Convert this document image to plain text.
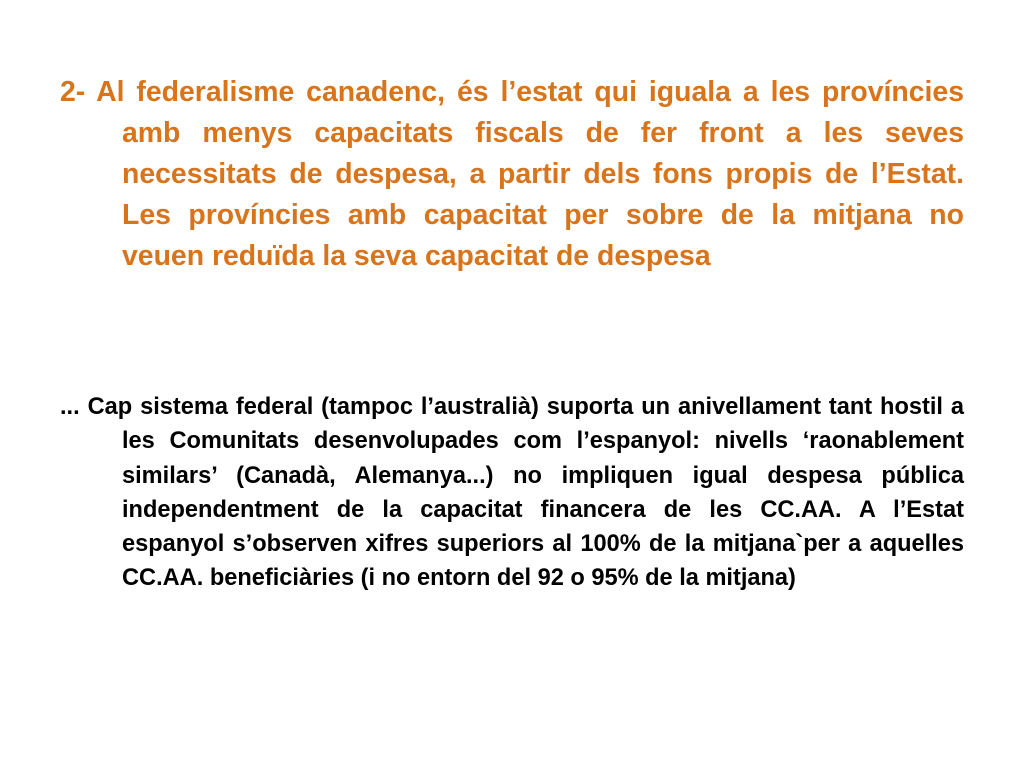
2- Al federalisme canadenc, és l’estat qui iguala a les províncies amb menys capacitats fiscals de fer front a les seves necessitats de despesa, a partir dels fons propis de l’Estat. Les províncies amb capacitat per sobre de la mitjana no veuen reduïda la seva capacitat de despesa

... Cap sistema federal (tampoc l’australià) suporta un anivellament tant hostil a les Comunitats desenvolupades com l’espanyol: nivells ‘raonablement similars’ (Canadà, Alemanya...) no impliquen igual despesa pública independentment de la capacitat financera de les CC.AA. A l’Estat espanyol s’observen xifres superiors al 100% de la mitjana`per a aquelles CC.AA. beneficiàries (i no entorn del 92 o 95% de la mitjana)
